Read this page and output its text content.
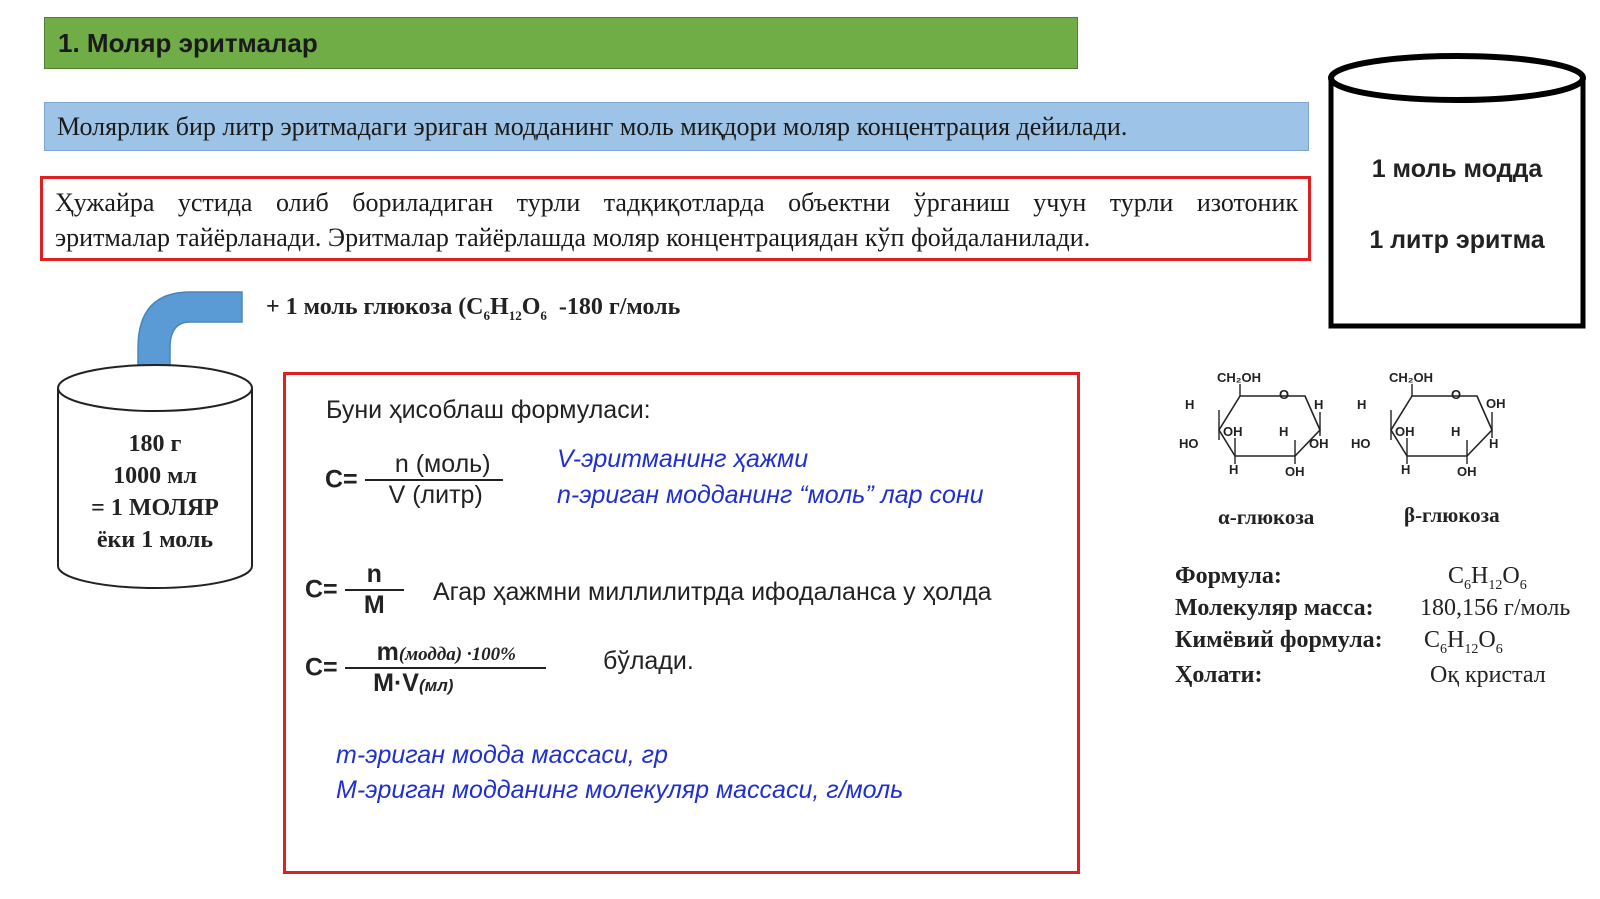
1. Моляр эритмалар
Молярлик бир литр эритмадаги эриган модданинг моль миқдори моляр концентрация дейилади.
Ҳужайра устида олиб бориладиган турли тадқиқотларда объектни ўрганиш учун турли изотоник
эритмалар тайёрланади. Эритмалар тайёрлашда моляр концентрациядан кўп фойдаланилади.
1 моль модда
1 литр эритма
180 г
1000 мл
= 1 МОЛЯР
ёки 1 моль
+ 1 моль глюкоза ($C_6H_{12}O_6$  -180 г/моль
Буни ҳисоблаш формуласи:
$C= \frac{\text{n (моль)}}{\text{V (литр)}}$ V-эритманинг ҳажми
n-эриган модданинг “моль” лар сони
$C= \frac{n}{M}$ Агар ҳажмни миллилитрда ифодаланса у ҳолда
$C= \frac{\text{m(модда) ·100\%}}{M\cdot V(мл)}$ бўлади.
m-эриган модда массаси, гр
M-эриган модданинг молекуляр массаси, г/моль
CH₂OH
O
H	H
HO
OH	H
OH
H	OH
CH₂OH
O
H	OH
HO
OH	H
H
H	OH
α-глюкоза	β-глюкоза
Формула:	$C_6H_{12}O_6$
Молекуляр масса: 180,156 г/моль
Кимёвий формула: $C_6H_{12}O_6$
Ҳолати:	Оқ кристал
